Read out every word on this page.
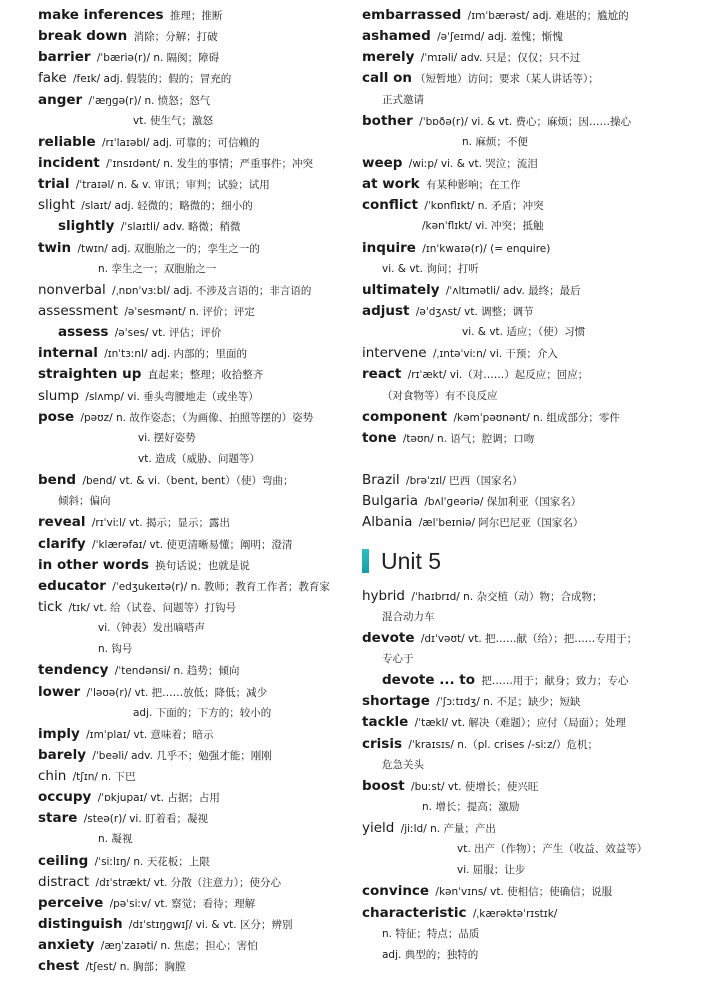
make inferences 推理；推断
break down 消除；分解；打破
barrier /ˈbæriə(r)/ n. 隔阂；障碍
fake /feɪk/ adj. 假装的；假的；冒充的
anger /ˈæŋɡə(r)/ n. 愤怒；怒气
vt. 使生气；激怒
reliable /rɪˈlaɪəbl/ adj. 可靠的；可信赖的
incident /ˈɪnsɪdənt/ n. 发生的事情；严重事件；冲突
trial /ˈtraɪəl/ n. & v. 审讯；审判；试验；试用
slight /slaɪt/ adj. 轻微的；略微的；细小的
slightly /ˈslaɪtli/ adv. 略微；稍微
twin /twɪn/ adj. 双胞胎之一的；孪生之一的
n. 孪生之一；双胞胎之一
nonverbal /ˌnɒnˈvɜːbl/ adj. 不涉及言语的；非言语的
assessment /əˈsesmənt/ n. 评价；评定
assess /əˈses/ vt. 评估；评价
internal /ɪnˈtɜːnl/ adj. 内部的；里面的
straighten up 直起来；整理；收拾整齐
slump /slʌmp/ vi. 垂头弯腰地走（或坐等）
pose /pəʊz/ n. 故作姿态；（为画像、拍照等摆的）姿势
vi. 摆好姿势
vt. 造成（威胁、问题等）
bend /bend/ vt. & vi.（bent, bent）（使）弯曲；
倾斜；偏向
reveal /rɪˈviːl/ vt. 揭示；显示；露出
clarify /ˈklærəfaɪ/ vt. 使更清晰易懂；阐明；澄清
in other words 换句话说；也就是说
educator /ˈedʒukeɪtə(r)/ n. 教师；教育工作者；教育家
tick /tɪk/ vt. 给（试卷、问题等）打钩号
vi.（钟表）发出嘀嗒声
n. 钩号
tendency /ˈtendənsi/ n. 趋势；倾向
lower /ˈləʊə(r)/ vt. 把……放低；降低；减少
adj. 下面的；下方的；较小的
imply /ɪmˈplaɪ/ vt. 意味着；暗示
barely /ˈbeəli/ adv. 几乎不；勉强才能；刚刚
chin /tʃɪn/ n. 下巴
occupy /ˈɒkjupaɪ/ vt. 占据；占用
stare /steə(r)/ vi. 盯着看；凝视
n. 凝视
ceiling /ˈsiːlɪŋ/ n. 天花板；上限
distract /dɪˈstrækt/ vt. 分散（注意力）；使分心
perceive /pəˈsiːv/ vt. 察觉；看待；理解
distinguish /dɪˈstɪŋɡwɪʃ/ vi. & vt. 区分；辨别
anxiety /æŋˈzaɪəti/ n. 焦虑；担心；害怕
chest /tʃest/ n. 胸部；胸膛
embarrassed /ɪmˈbærəst/ adj. 难堪的；尴尬的
ashamed /əˈʃeɪmd/ adj. 羞愧；惭愧
merely /ˈmɪəli/ adv. 只是；仅仅；只不过
call on （短暂地）访问；要求（某人讲话等）；
正式邀请
bother /ˈbɒðə(r)/ vi. & vt. 费心；麻烦；因……操心
n. 麻烦；不便
weep /wiːp/ vi. & vt. 哭泣；流泪
at work 有某种影响；在工作
conflict /ˈkɒnflɪkt/ n. 矛盾；冲突
/kənˈflɪkt/ vi. 冲突；抵触
inquire /ɪnˈkwaɪə(r)/ (= enquire)
vi. & vt. 询问；打听
ultimately /ˈʌltɪmətli/ adv. 最终；最后
adjust /əˈdʒʌst/ vt. 调整；调节
vi. & vt. 适应；（使）习惯
intervene /ˌɪntəˈviːn/ vi. 干预；介入
react /rɪˈækt/ vi.（对……）起反应；回应；
（对食物等）有不良反应
component /kəmˈpəʊnənt/ n. 组成部分；零件
tone /təʊn/ n. 语气；腔调；口吻
Brazil /brəˈzɪl/ 巴西（国家名）
Bulgaria /bʌlˈɡeəriə/ 保加利亚（国家名）
Albania /ælˈbeɪniə/ 阿尔巴尼亚（国家名）
Unit 5
hybrid /ˈhaɪbrɪd/ n. 杂交植（动）物；合成物；
混合动力车
devote /dɪˈvəʊt/ vt. 把……献（给）；把……专用于；
专心于
devote ... to 把……用于；献身；致力；专心
shortage /ˈʃɔːtɪdʒ/ n. 不足；缺少；短缺
tackle /ˈtækl/ vt. 解决（难题）；应付（局面）；处理
crisis /ˈkraɪsɪs/ n.（pl. crises /-siːz/）危机；
危急关头
boost /buːst/ vt. 使增长；使兴旺
n. 增长；提高；激励
yield /jiːld/ n. 产量；产出
vt. 出产（作物）；产生（收益、效益等）
vi. 屈服；让步
convince /kənˈvɪns/ vt. 使相信；使确信；说服
characteristic /ˌkærəktəˈrɪstɪk/
n. 特征；特点；品质
adj. 典型的；独特的
